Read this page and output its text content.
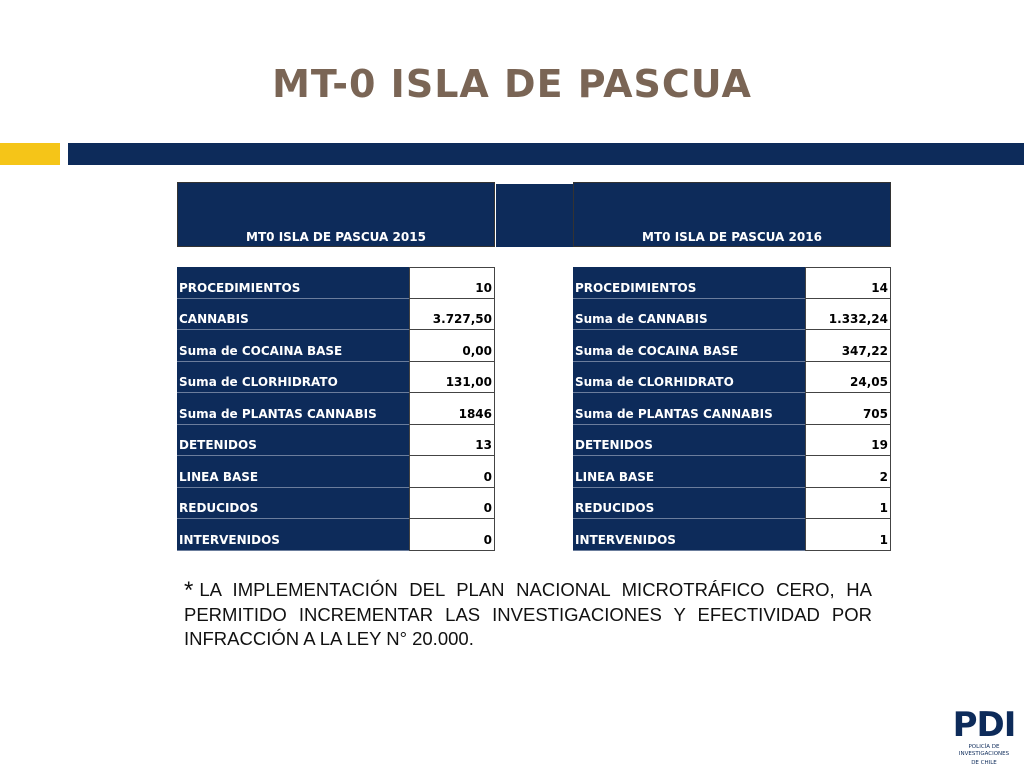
MT-0 ISLA DE PASCUA
MT0 ISLA DE PASCUA 2015
PROCEDIMIENTOS	10
CANNABIS	3.727,50
Suma de COCAINA BASE	0,00
Suma de CLORHIDRATO	131,00
Suma de PLANTAS CANNABIS	1846
DETENIDOS	13
LINEA BASE	0
REDUCIDOS	0
INTERVENIDOS	0
MT0 ISLA DE PASCUA 2016
PROCEDIMIENTOS	14
Suma de CANNABIS	1.332,24
Suma de COCAINA BASE	347,22
Suma de CLORHIDRATO	24,05
Suma de PLANTAS CANNABIS	705
DETENIDOS	19
LINEA BASE	2
REDUCIDOS	1
INTERVENIDOS	1
* LA IMPLEMENTACIÓN DEL PLAN NACIONAL MICROTRÁFICO CERO, HA PERMITIDO INCREMENTAR LAS INVESTIGACIONES Y EFECTIVIDAD POR INFRACCIÓN A LA LEY N° 20.000.
PDI
POLICÍA DE INVESTIGACIONES
DE CHILE
